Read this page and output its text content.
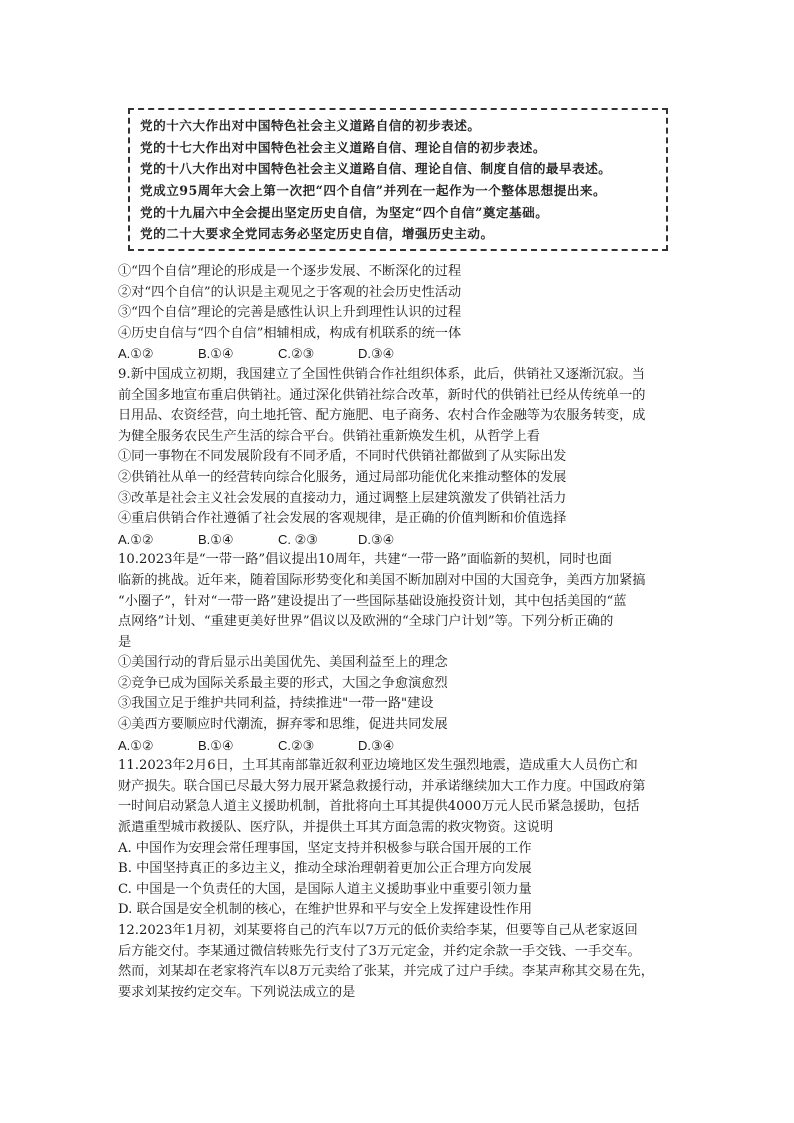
党的十六大作出对中国特色社会主义道路自信的初步表述。
党的十七大作出对中国特色社会主义道路自信、理论自信的初步表述。
党的十八大作出对中国特色社会主义道路自信、理论自信、制度自信的最早表述。
党成立95周年大会上第一次把“四个自信”并列在一起作为一个整体思想提出来。
党的十九届六中全会提出坚定历史自信，为坚定“四个自信”奠定基础。
党的二十大要求全党同志务必坚定历史自信，增强历史主动。
①“四个自信”理论的形成是一个逐步发展、不断深化的过程
②对“四个自信”的认识是主观见之于客观的社会历史性活动
③“四个自信”理论的完善是感性认识上升到理性认识的过程
④历史自信与“四个自信”相辅相成，构成有机联系的统一体
A.①②	B.①④	C.②③	D.③④
9.新中国成立初期，我国建立了全国性供销合作社组织体系，此后，供销社又逐渐沉寂。当
前全国多地宣布重启供销社。通过深化供销社综合改革，新时代的供销社已经从传统单一的
日用品、农资经营，向土地托管、配方施肥、电子商务、农村合作金融等为农服务转变，成
为健全服务农民生产生活的综合平台。供销社重新焕发生机，从哲学上看
①同一事物在不同发展阶段有不同矛盾，不同时代供销社都做到了从实际出发
②供销社从单一的经营转向综合化服务，通过局部功能优化来推动整体的发展
③改革是社会主义社会发展的直接动力，通过调整上层建筑激发了供销社活力
④重启供销合作社遵循了社会发展的客观规律，是正确的价值判断和价值选择
A.①②	B.①④	C. ②③	D.③④
10.2023年是“一带一路”倡议提出10周年，共建“一带一路”面临新的契机，同时也面
临新的挑战。近年来，随着国际形势变化和美国不断加剧对中国的大国竞争，美西方加紧搞
“小圈子”，针对“一带一路”建设提出了一些国际基础设施投资计划，其中包括美国的“蓝
点网络”计划、“重建更美好世界”倡议以及欧洲的“全球门户计划”等。下列分析正确的
是
①美国行动的背后显示出美国优先、美国利益至上的理念
②竞争已成为国际关系最主要的形式，大国之争愈演愈烈
③我国立足于维护共同利益，持续推进"一带一路"建设
④美西方要顺应时代潮流，摒弃零和思维，促进共同发展
A.①②	B.①④	C.②③	D.③④
11.2023年2月6日，土耳其南部靠近叙利亚边境地区发生强烈地震，造成重大人员伤亡和
财产损失。联合国已尽最大努力展开紧急救援行动，并承诺继续加大工作力度。中国政府第
一时间启动紧急人道主义援助机制，首批将向土耳其提供4000万元人民币紧急援助，包括
派遣重型城市救援队、医疗队，并提供土耳其方面急需的救灾物资。这说明
A. 中国作为安理会常任理事国，坚定支持并积极参与联合国开展的工作
B. 中国坚持真正的多边主义，推动全球治理朝着更加公正合理方向发展
C. 中国是一个负责任的大国，是国际人道主义援助事业中重要引领力量
D. 联合国是安全机制的核心，在维护世界和平与安全上发挥建设性作用
12.2023年1月初，刘某要将自己的汽车以7万元的低价卖给李某，但要等自己从老家返回
后方能交付。李某通过微信转账先行支付了3万元定金，并约定余款一手交钱、一手交车。
然而，刘某却在老家将汽车以8万元卖给了张某，并完成了过户手续。李某声称其交易在先，
要求刘某按约定交车。下列说法成立的是
